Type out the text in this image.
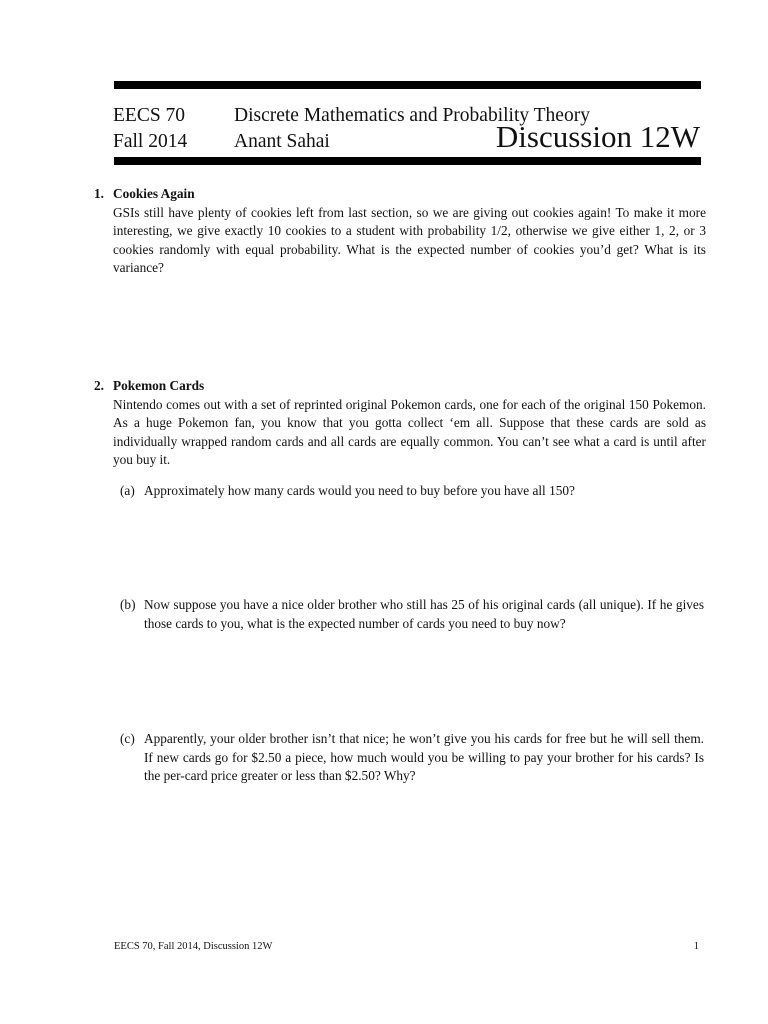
EECS 70
Fall 2014
Discrete Mathematics and Probability Theory
Anant Sahai	Discussion 12W
1. Cookies Again
GSIs still have plenty of cookies left from last section, so we are giving out cookies again! To make it more interesting, we give exactly 10 cookies to a student with probability 1/2, otherwise we give either 1, 2, or 3 cookies randomly with equal probability. What is the expected number of cookies you’d get? What is its variance?
2. Pokemon Cards
Nintendo comes out with a set of reprinted original Pokemon cards, one for each of the original 150 Pokemon. As a huge Pokemon fan, you know that you gotta collect ‘em all. Suppose that these cards are sold as individually wrapped random cards and all cards are equally common. You can’t see what a card is until after you buy it.
(a) Approximately how many cards would you need to buy before you have all 150?
(b) Now suppose you have a nice older brother who still has 25 of his original cards (all unique). If he gives those cards to you, what is the expected number of cards you need to buy now?
(c) Apparently, your older brother isn’t that nice; he won’t give you his cards for free but he will sell them. If new cards go for $2.50 a piece, how much would you be willing to pay your brother for his cards? Is the per-card price greater or less than $2.50? Why?
EECS 70, Fall 2014, Discussion 12W	1
